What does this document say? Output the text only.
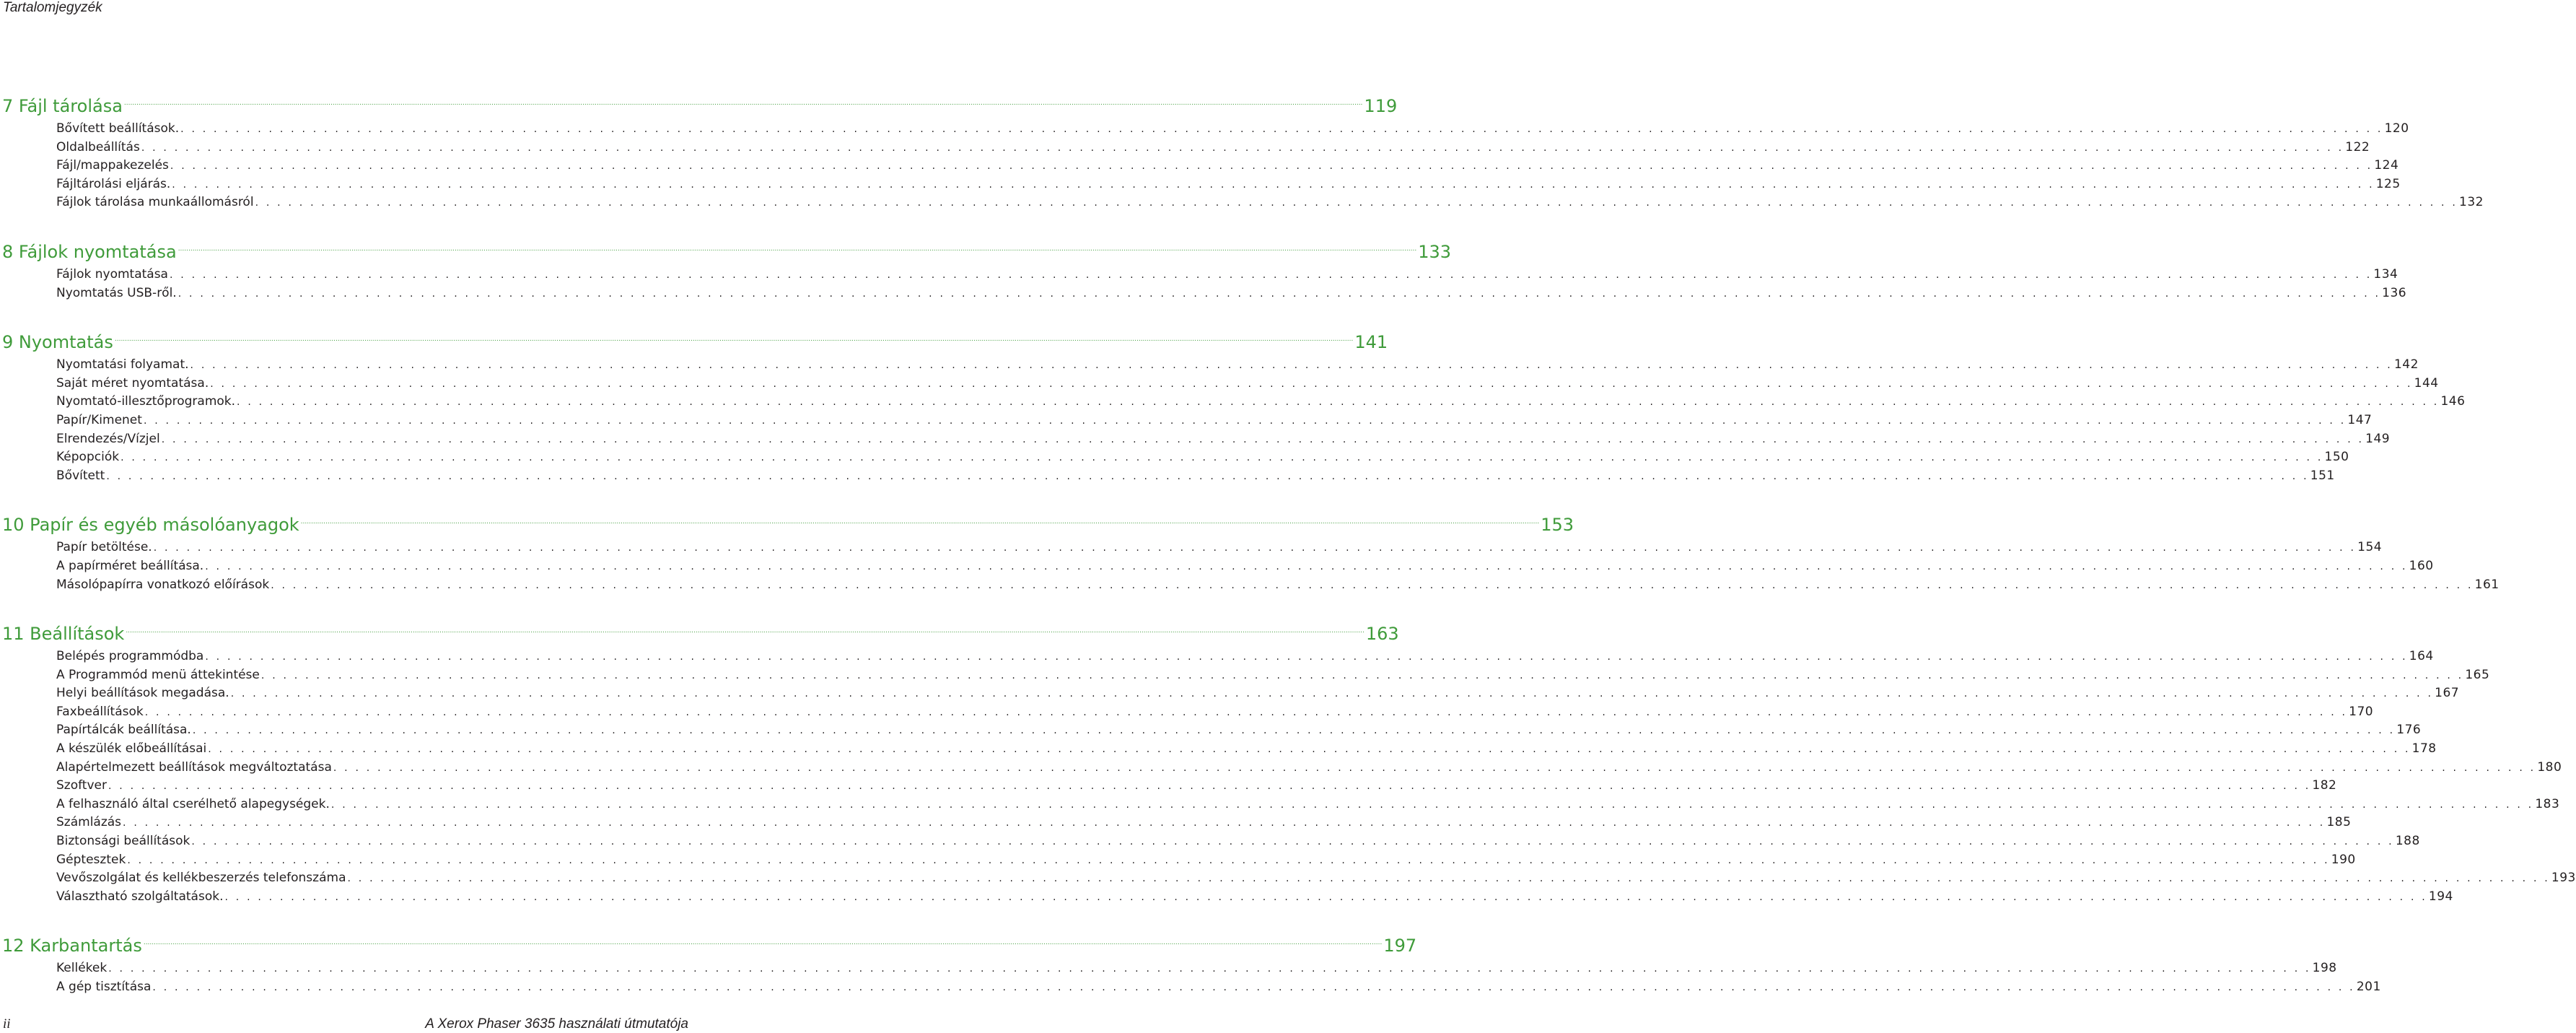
Tartalomjegyzék
7 Fájl tárolása ........................................................................................................................................................................................................................................................................................................................................................................................................................................................................................................................................................................................................................ 119
Bővített beállítások. . . . . . . . . . . . . . . . . . . . . . . . . . . . . . . . . . . . . . . . . . . . . . . . . . . . . . . . . . . . . . . . . . . . . . . . . . . . . . . . . . . . . . . . . . . . . . . . . . . . . . . . . . . . . . . . . . . . . . . . . . . . . . . . . . . . . . . . . . . . . . . . . . . . . . . . . . . . . . . . . . . . . . . . . . . . . . . . . . . . . . . . . . . . . . . . . . . . . . . . . 120
Oldalbeállítás . . . . . . . . . . . . . . . . . . . . . . . . . . . . . . . . . . . . . . . . . . . . . . . . . . . . . . . . . . . . . . . . . . . . . . . . . . . . . . . . . . . . . . . . . . . . . . . . . . . . . . . . . . . . . . . . . . . . . . . . . . . . . . . . . . . . . . . . . . . . . . . . . . . . . . . . . . . . . . . . . . . . . . . . . . . . . . . . . . . . . . . . . . . . . . . . . . . . . . . . 122
Fájl/mappakezelés . . . . . . . . . . . . . . . . . . . . . . . . . . . . . . . . . . . . . . . . . . . . . . . . . . . . . . . . . . . . . . . . . . . . . . . . . . . . . . . . . . . . . . . . . . . . . . . . . . . . . . . . . . . . . . . . . . . . . . . . . . . . . . . . . . . . . . . . . . . . . . . . . . . . . . . . . . . . . . . . . . . . . . . . . . . . . . . . . . . . . . . . . . . . . . . . . . . . . . . . 124
Fájltárolási eljárás. . . . . . . . . . . . . . . . . . . . . . . . . . . . . . . . . . . . . . . . . . . . . . . . . . . . . . . . . . . . . . . . . . . . . . . . . . . . . . . . . . . . . . . . . . . . . . . . . . . . . . . . . . . . . . . . . . . . . . . . . . . . . . . . . . . . . . . . . . . . . . . . . . . . . . . . . . . . . . . . . . . . . . . . . . . . . . . . . . . . . . . . . . . . . . . . . . . . . . . . . 125
Fájlok tárolása munkaállomásról . . . . . . . . . . . . . . . . . . . . . . . . . . . . . . . . . . . . . . . . . . . . . . . . . . . . . . . . . . . . . . . . . . . . . . . . . . . . . . . . . . . . . . . . . . . . . . . . . . . . . . . . . . . . . . . . . . . . . . . . . . . . . . . . . . . . . . . . . . . . . . . . . . . . . . . . . . . . . . . . . . . . . . . . . . . . . . . . . . . . . . . . . . . . . . . . . . . . . . . . 132
8 Fájlok nyomtatása ........................................................................................................................................................................................................................................................................................................................................................................................................................................................................................................................................................................................................................ 133
Fájlok nyomtatása . . . . . . . . . . . . . . . . . . . . . . . . . . . . . . . . . . . . . . . . . . . . . . . . . . . . . . . . . . . . . . . . . . . . . . . . . . . . . . . . . . . . . . . . . . . . . . . . . . . . . . . . . . . . . . . . . . . . . . . . . . . . . . . . . . . . . . . . . . . . . . . . . . . . . . . . . . . . . . . . . . . . . . . . . . . . . . . . . . . . . . . . . . . . . . . . . . . . . . . . 134
Nyomtatás USB-ről. . . . . . . . . . . . . . . . . . . . . . . . . . . . . . . . . . . . . . . . . . . . . . . . . . . . . . . . . . . . . . . . . . . . . . . . . . . . . . . . . . . . . . . . . . . . . . . . . . . . . . . . . . . . . . . . . . . . . . . . . . . . . . . . . . . . . . . . . . . . . . . . . . . . . . . . . . . . . . . . . . . . . . . . . . . . . . . . . . . . . . . . . . . . . . . . . . . . . . . . . 136
9 Nyomtatás ........................................................................................................................................................................................................................................................................................................................................................................................................................................................................................................................................................................................................................ 141
Nyomtatási folyamat. . . . . . . . . . . . . . . . . . . . . . . . . . . . . . . . . . . . . . . . . . . . . . . . . . . . . . . . . . . . . . . . . . . . . . . . . . . . . . . . . . . . . . . . . . . . . . . . . . . . . . . . . . . . . . . . . . . . . . . . . . . . . . . . . . . . . . . . . . . . . . . . . . . . . . . . . . . . . . . . . . . . . . . . . . . . . . . . . . . . . . . . . . . . . . . . . . . . . . . . . 142
Saját méret nyomtatása. . . . . . . . . . . . . . . . . . . . . . . . . . . . . . . . . . . . . . . . . . . . . . . . . . . . . . . . . . . . . . . . . . . . . . . . . . . . . . . . . . . . . . . . . . . . . . . . . . . . . . . . . . . . . . . . . . . . . . . . . . . . . . . . . . . . . . . . . . . . . . . . . . . . . . . . . . . . . . . . . . . . . . . . . . . . . . . . . . . . . . . . . . . . . . . . . . . . . . . . . 144
Nyomtató-illesztőprogramok. . . . . . . . . . . . . . . . . . . . . . . . . . . . . . . . . . . . . . . . . . . . . . . . . . . . . . . . . . . . . . . . . . . . . . . . . . . . . . . . . . . . . . . . . . . . . . . . . . . . . . . . . . . . . . . . . . . . . . . . . . . . . . . . . . . . . . . . . . . . . . . . . . . . . . . . . . . . . . . . . . . . . . . . . . . . . . . . . . . . . . . . . . . . . . . . . . . . . . . . . 146
Papír/Kimenet . . . . . . . . . . . . . . . . . . . . . . . . . . . . . . . . . . . . . . . . . . . . . . . . . . . . . . . . . . . . . . . . . . . . . . . . . . . . . . . . . . . . . . . . . . . . . . . . . . . . . . . . . . . . . . . . . . . . . . . . . . . . . . . . . . . . . . . . . . . . . . . . . . . . . . . . . . . . . . . . . . . . . . . . . . . . . . . . . . . . . . . . . . . . . . . . . . . . . . . . 147
Elrendezés/Vízjel . . . . . . . . . . . . . . . . . . . . . . . . . . . . . . . . . . . . . . . . . . . . . . . . . . . . . . . . . . . . . . . . . . . . . . . . . . . . . . . . . . . . . . . . . . . . . . . . . . . . . . . . . . . . . . . . . . . . . . . . . . . . . . . . . . . . . . . . . . . . . . . . . . . . . . . . . . . . . . . . . . . . . . . . . . . . . . . . . . . . . . . . . . . . . . . . . . . . . . . . 149
Képopciók . . . . . . . . . . . . . . . . . . . . . . . . . . . . . . . . . . . . . . . . . . . . . . . . . . . . . . . . . . . . . . . . . . . . . . . . . . . . . . . . . . . . . . . . . . . . . . . . . . . . . . . . . . . . . . . . . . . . . . . . . . . . . . . . . . . . . . . . . . . . . . . . . . . . . . . . . . . . . . . . . . . . . . . . . . . . . . . . . . . . . . . . . . . . . . . . . . . . . . . . 150
Bővített . . . . . . . . . . . . . . . . . . . . . . . . . . . . . . . . . . . . . . . . . . . . . . . . . . . . . . . . . . . . . . . . . . . . . . . . . . . . . . . . . . . . . . . . . . . . . . . . . . . . . . . . . . . . . . . . . . . . . . . . . . . . . . . . . . . . . . . . . . . . . . . . . . . . . . . . . . . . . . . . . . . . . . . . . . . . . . . . . . . . . . . . . . . . . . . . . . . . . . . . 151
10 Papír és egyéb másolóanyagok ........................................................................................................................................................................................................................................................................................................................................................................................................................................................................................................................................................................................................................ 153
Papír betöltése. . . . . . . . . . . . . . . . . . . . . . . . . . . . . . . . . . . . . . . . . . . . . . . . . . . . . . . . . . . . . . . . . . . . . . . . . . . . . . . . . . . . . . . . . . . . . . . . . . . . . . . . . . . . . . . . . . . . . . . . . . . . . . . . . . . . . . . . . . . . . . . . . . . . . . . . . . . . . . . . . . . . . . . . . . . . . . . . . . . . . . . . . . . . . . . . . . . . . . . . . 154
A papírméret beállítása. . . . . . . . . . . . . . . . . . . . . . . . . . . . . . . . . . . . . . . . . . . . . . . . . . . . . . . . . . . . . . . . . . . . . . . . . . . . . . . . . . . . . . . . . . . . . . . . . . . . . . . . . . . . . . . . . . . . . . . . . . . . . . . . . . . . . . . . . . . . . . . . . . . . . . . . . . . . . . . . . . . . . . . . . . . . . . . . . . . . . . . . . . . . . . . . . . . . . . . . . 160
Másolópapírra vonatkozó előírások . . . . . . . . . . . . . . . . . . . . . . . . . . . . . . . . . . . . . . . . . . . . . . . . . . . . . . . . . . . . . . . . . . . . . . . . . . . . . . . . . . . . . . . . . . . . . . . . . . . . . . . . . . . . . . . . . . . . . . . . . . . . . . . . . . . . . . . . . . . . . . . . . . . . . . . . . . . . . . . . . . . . . . . . . . . . . . . . . . . . . . . . . . . . . . . . . . . . . . . . 161
11 Beállítások ........................................................................................................................................................................................................................................................................................................................................................................................................................................................................................................................................................................................................................ 163
Belépés programmódba . . . . . . . . . . . . . . . . . . . . . . . . . . . . . . . . . . . . . . . . . . . . . . . . . . . . . . . . . . . . . . . . . . . . . . . . . . . . . . . . . . . . . . . . . . . . . . . . . . . . . . . . . . . . . . . . . . . . . . . . . . . . . . . . . . . . . . . . . . . . . . . . . . . . . . . . . . . . . . . . . . . . . . . . . . . . . . . . . . . . . . . . . . . . . . . . . . . . . . . . 164
A Programmód menü áttekintése . . . . . . . . . . . . . . . . . . . . . . . . . . . . . . . . . . . . . . . . . . . . . . . . . . . . . . . . . . . . . . . . . . . . . . . . . . . . . . . . . . . . . . . . . . . . . . . . . . . . . . . . . . . . . . . . . . . . . . . . . . . . . . . . . . . . . . . . . . . . . . . . . . . . . . . . . . . . . . . . . . . . . . . . . . . . . . . . . . . . . . . . . . . . . . . . . . . . . . . . 165
Helyi beállítások megadása. . . . . . . . . . . . . . . . . . . . . . . . . . . . . . . . . . . . . . . . . . . . . . . . . . . . . . . . . . . . . . . . . . . . . . . . . . . . . . . . . . . . . . . . . . . . . . . . . . . . . . . . . . . . . . . . . . . . . . . . . . . . . . . . . . . . . . . . . . . . . . . . . . . . . . . . . . . . . . . . . . . . . . . . . . . . . . . . . . . . . . . . . . . . . . . . . . . . . . . . . 167
Faxbeállítások . . . . . . . . . . . . . . . . . . . . . . . . . . . . . . . . . . . . . . . . . . . . . . . . . . . . . . . . . . . . . . . . . . . . . . . . . . . . . . . . . . . . . . . . . . . . . . . . . . . . . . . . . . . . . . . . . . . . . . . . . . . . . . . . . . . . . . . . . . . . . . . . . . . . . . . . . . . . . . . . . . . . . . . . . . . . . . . . . . . . . . . . . . . . . . . . . . . . . . . . 170
Papírtálcák beállítása. . . . . . . . . . . . . . . . . . . . . . . . . . . . . . . . . . . . . . . . . . . . . . . . . . . . . . . . . . . . . . . . . . . . . . . . . . . . . . . . . . . . . . . . . . . . . . . . . . . . . . . . . . . . . . . . . . . . . . . . . . . . . . . . . . . . . . . . . . . . . . . . . . . . . . . . . . . . . . . . . . . . . . . . . . . . . . . . . . . . . . . . . . . . . . . . . . . . . . . . . 176
A készülék előbeállításai . . . . . . . . . . . . . . . . . . . . . . . . . . . . . . . . . . . . . . . . . . . . . . . . . . . . . . . . . . . . . . . . . . . . . . . . . . . . . . . . . . . . . . . . . . . . . . . . . . . . . . . . . . . . . . . . . . . . . . . . . . . . . . . . . . . . . . . . . . . . . . . . . . . . . . . . . . . . . . . . . . . . . . . . . . . . . . . . . . . . . . . . . . . . . . . . . . . . . . . . 178
Alapértelmezett beállítások megváltoztatása . . . . . . . . . . . . . . . . . . . . . . . . . . . . . . . . . . . . . . . . . . . . . . . . . . . . . . . . . . . . . . . . . . . . . . . . . . . . . . . . . . . . . . . . . . . . . . . . . . . . . . . . . . . . . . . . . . . . . . . . . . . . . . . . . . . . . . . . . . . . . . . . . . . . . . . . . . . . . . . . . . . . . . . . . . . . . . . . . . . . . . . . . . . . . . . . . . . . . . . . 180
Szoftver . . . . . . . . . . . . . . . . . . . . . . . . . . . . . . . . . . . . . . . . . . . . . . . . . . . . . . . . . . . . . . . . . . . . . . . . . . . . . . . . . . . . . . . . . . . . . . . . . . . . . . . . . . . . . . . . . . . . . . . . . . . . . . . . . . . . . . . . . . . . . . . . . . . . . . . . . . . . . . . . . . . . . . . . . . . . . . . . . . . . . . . . . . . . . . . . . . . . . . . . 182
A felhasználó által cserélhető alapegységek. . . . . . . . . . . . . . . . . . . . . . . . . . . . . . . . . . . . . . . . . . . . . . . . . . . . . . . . . . . . . . . . . . . . . . . . . . . . . . . . . . . . . . . . . . . . . . . . . . . . . . . . . . . . . . . . . . . . . . . . . . . . . . . . . . . . . . . . . . . . . . . . . . . . . . . . . . . . . . . . . . . . . . . . . . . . . . . . . . . . . . . . . . . . . . . . . . . . . . . . . 183
Számlázás . . . . . . . . . . . . . . . . . . . . . . . . . . . . . . . . . . . . . . . . . . . . . . . . . . . . . . . . . . . . . . . . . . . . . . . . . . . . . . . . . . . . . . . . . . . . . . . . . . . . . . . . . . . . . . . . . . . . . . . . . . . . . . . . . . . . . . . . . . . . . . . . . . . . . . . . . . . . . . . . . . . . . . . . . . . . . . . . . . . . . . . . . . . . . . . . . . . . . . . . 185
Biztonsági beállítások . . . . . . . . . . . . . . . . . . . . . . . . . . . . . . . . . . . . . . . . . . . . . . . . . . . . . . . . . . . . . . . . . . . . . . . . . . . . . . . . . . . . . . . . . . . . . . . . . . . . . . . . . . . . . . . . . . . . . . . . . . . . . . . . . . . . . . . . . . . . . . . . . . . . . . . . . . . . . . . . . . . . . . . . . . . . . . . . . . . . . . . . . . . . . . . . . . . . . . . . 188
Géptesztek . . . . . . . . . . . . . . . . . . . . . . . . . . . . . . . . . . . . . . . . . . . . . . . . . . . . . . . . . . . . . . . . . . . . . . . . . . . . . . . . . . . . . . . . . . . . . . . . . . . . . . . . . . . . . . . . . . . . . . . . . . . . . . . . . . . . . . . . . . . . . . . . . . . . . . . . . . . . . . . . . . . . . . . . . . . . . . . . . . . . . . . . . . . . . . . . . . . . . . . . 190
Vevőszolgálat és kellékbeszerzés telefonszáma . . . . . . . . . . . . . . . . . . . . . . . . . . . . . . . . . . . . . . . . . . . . . . . . . . . . . . . . . . . . . . . . . . . . . . . . . . . . . . . . . . . . . . . . . . . . . . . . . . . . . . . . . . . . . . . . . . . . . . . . . . . . . . . . . . . . . . . . . . . . . . . . . . . . . . . . . . . . . . . . . . . . . . . . . . . . . . . . . . . . . . . . . . . . . . . . . . . . . . . . 193
Választható szolgáltatások. . . . . . . . . . . . . . . . . . . . . . . . . . . . . . . . . . . . . . . . . . . . . . . . . . . . . . . . . . . . . . . . . . . . . . . . . . . . . . . . . . . . . . . . . . . . . . . . . . . . . . . . . . . . . . . . . . . . . . . . . . . . . . . . . . . . . . . . . . . . . . . . . . . . . . . . . . . . . . . . . . . . . . . . . . . . . . . . . . . . . . . . . . . . . . . . . . . . . . . . . 194
12 Karbantartás ........................................................................................................................................................................................................................................................................................................................................................................................................................................................................................................................................................................................................................ 197
Kellékek . . . . . . . . . . . . . . . . . . . . . . . . . . . . . . . . . . . . . . . . . . . . . . . . . . . . . . . . . . . . . . . . . . . . . . . . . . . . . . . . . . . . . . . . . . . . . . . . . . . . . . . . . . . . . . . . . . . . . . . . . . . . . . . . . . . . . . . . . . . . . . . . . . . . . . . . . . . . . . . . . . . . . . . . . . . . . . . . . . . . . . . . . . . . . . . . . . . . . . . . 198
A gép tisztítása . . . . . . . . . . . . . . . . . . . . . . . . . . . . . . . . . . . . . . . . . . . . . . . . . . . . . . . . . . . . . . . . . . . . . . . . . . . . . . . . . . . . . . . . . . . . . . . . . . . . . . . . . . . . . . . . . . . . . . . . . . . . . . . . . . . . . . . . . . . . . . . . . . . . . . . . . . . . . . . . . . . . . . . . . . . . . . . . . . . . . . . . . . . . . . . . . . . . . . . . 201
ii	A Xerox Phaser 3635 használati útmutatója
